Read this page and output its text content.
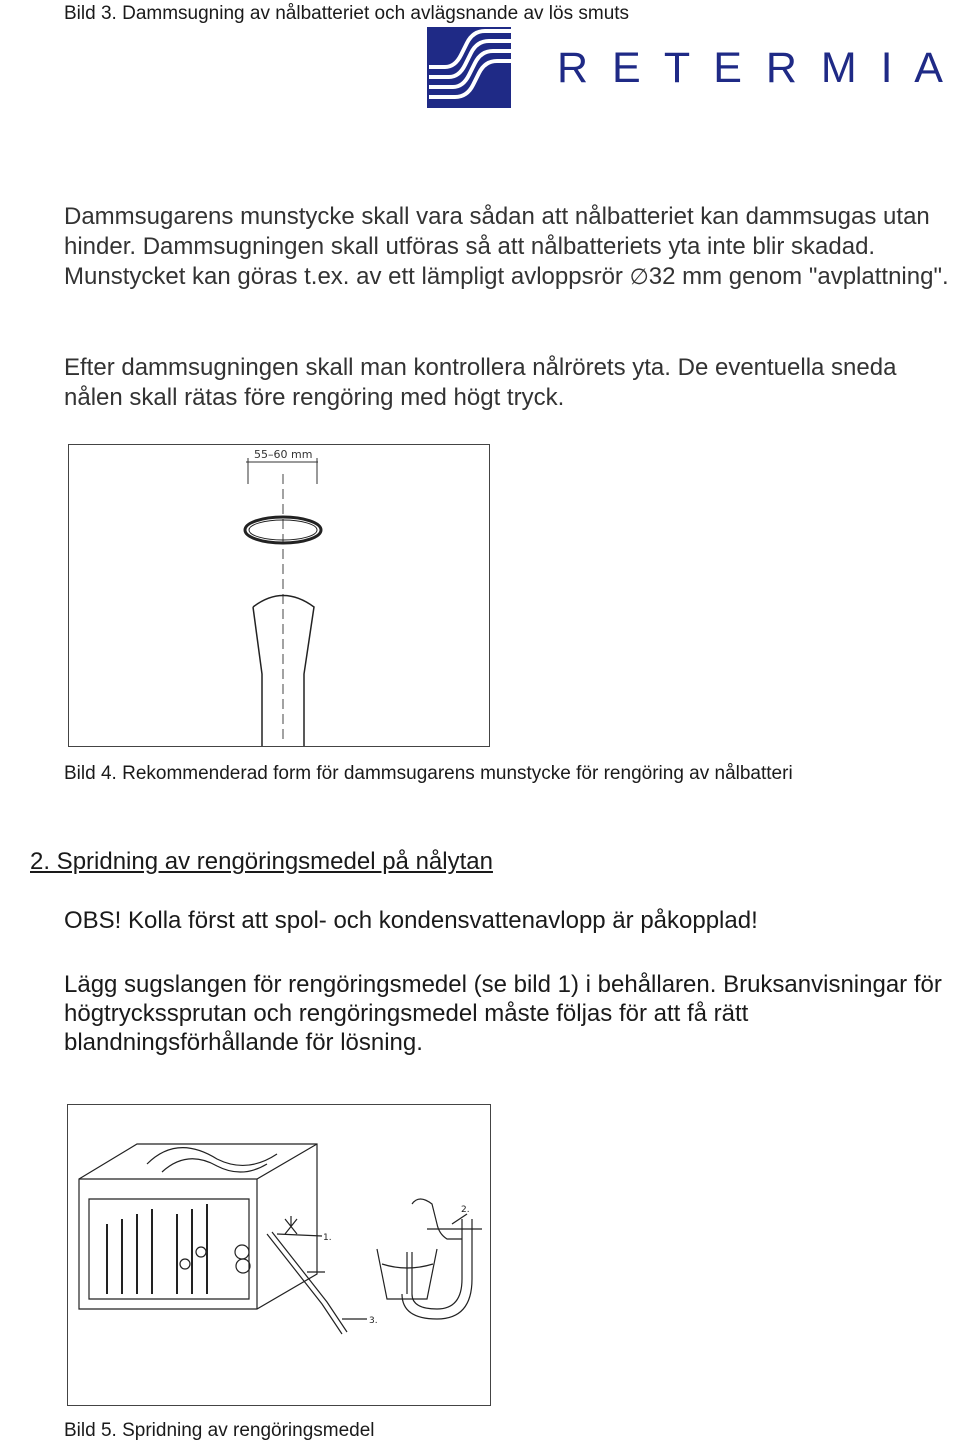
Bild 3. Dammsugning av nålbatteriet och avlägsnande av lös smuts
R E T E R M I A
Dammsugarens munstycke skall vara sådan att nålbatteriet kan dammsugas utan hinder. Dammsugningen skall utföras så att nålbatteriets yta inte blir skadad. Munstycket kan göras t.ex. av ett lämpligt avloppsrör ∅32 mm genom "avplattning".
Efter dammsugningen skall man kontrollera nålrörets yta. De eventuella sneda nålen skall rätas före rengöring med högt tryck.
55–60 mm
Bild 4. Rekommenderad form för dammsugarens munstycke för rengöring av nålbatteri
2. Spridning av rengöringsmedel på nålytan
OBS! Kolla först att spol- och kondensvattenavlopp är påkopplad!
Lägg sugslangen för rengöringsmedel (se bild 1) i behållaren. Bruksanvisningar för högtryckssprutan och rengöringsmedel måste följas för att få rätt blandningsförhållande för lösning.
1.
2.
3.
Bild 5. Spridning av rengöringsmedel
